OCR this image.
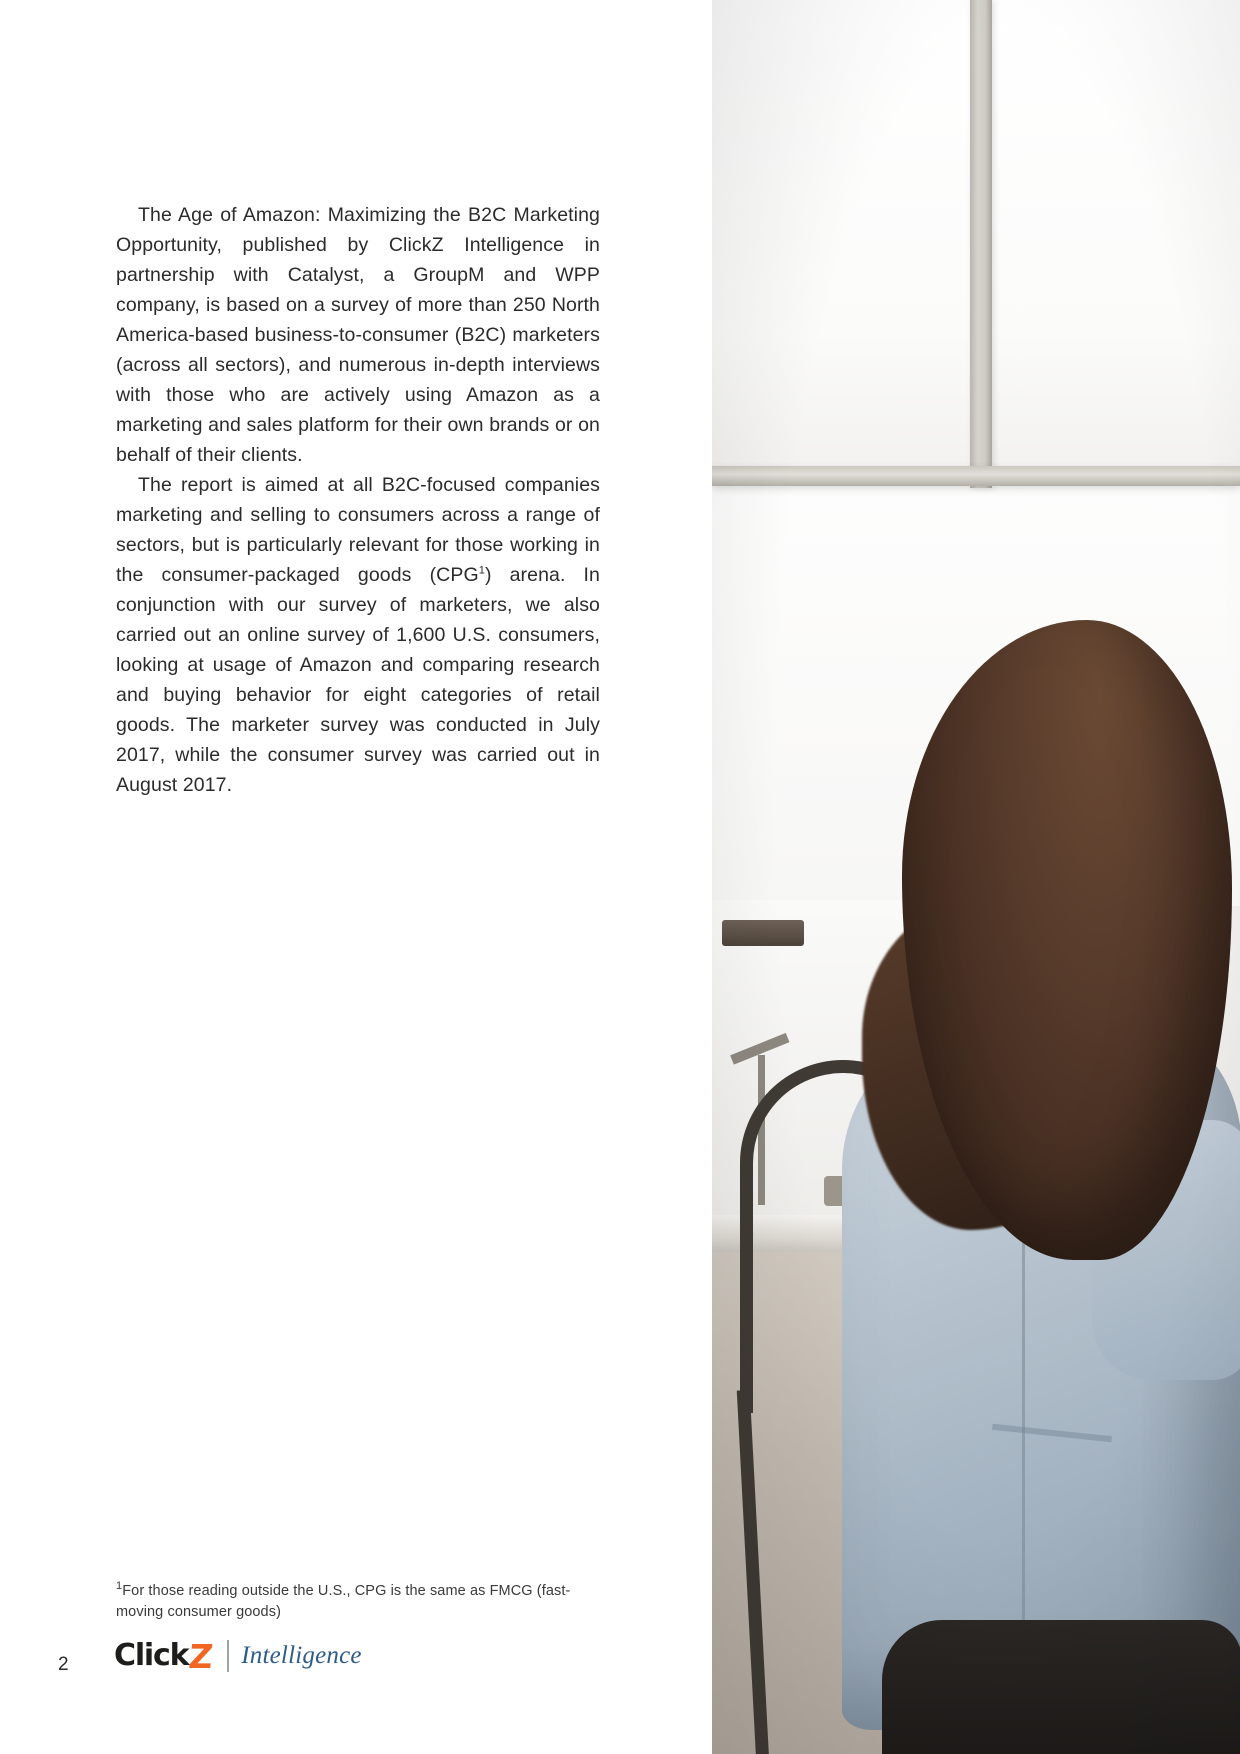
The Age of Amazon: Maximizing the B2C Marketing Opportunity, published by ClickZ Intelligence in partnership with Catalyst, a GroupM and WPP company, is based on a survey of more than 250 North America-based business-to-consumer (B2C) marketers (across all sectors), and numerous in-depth interviews with those who are actively using Amazon as a marketing and sales platform for their own brands or on behalf of their clients.

The report is aimed at all B2C-focused companies marketing and selling to consumers across a range of sectors, but is particularly relevant for those working in the consumer-packaged goods (CPG$^1$) arena. In conjunction with our survey of marketers, we also carried out an online survey of 1,600 U.S. consumers, looking at usage of Amazon and comparing research and buying behavior for eight categories of retail goods. The marketer survey was conducted in July 2017, while the consumer survey was carried out in August 2017.

$^1$For those reading outside the U.S., CPG is the same as FMCG (fast-moving consumer goods)
2 Click
Z Intelligence
